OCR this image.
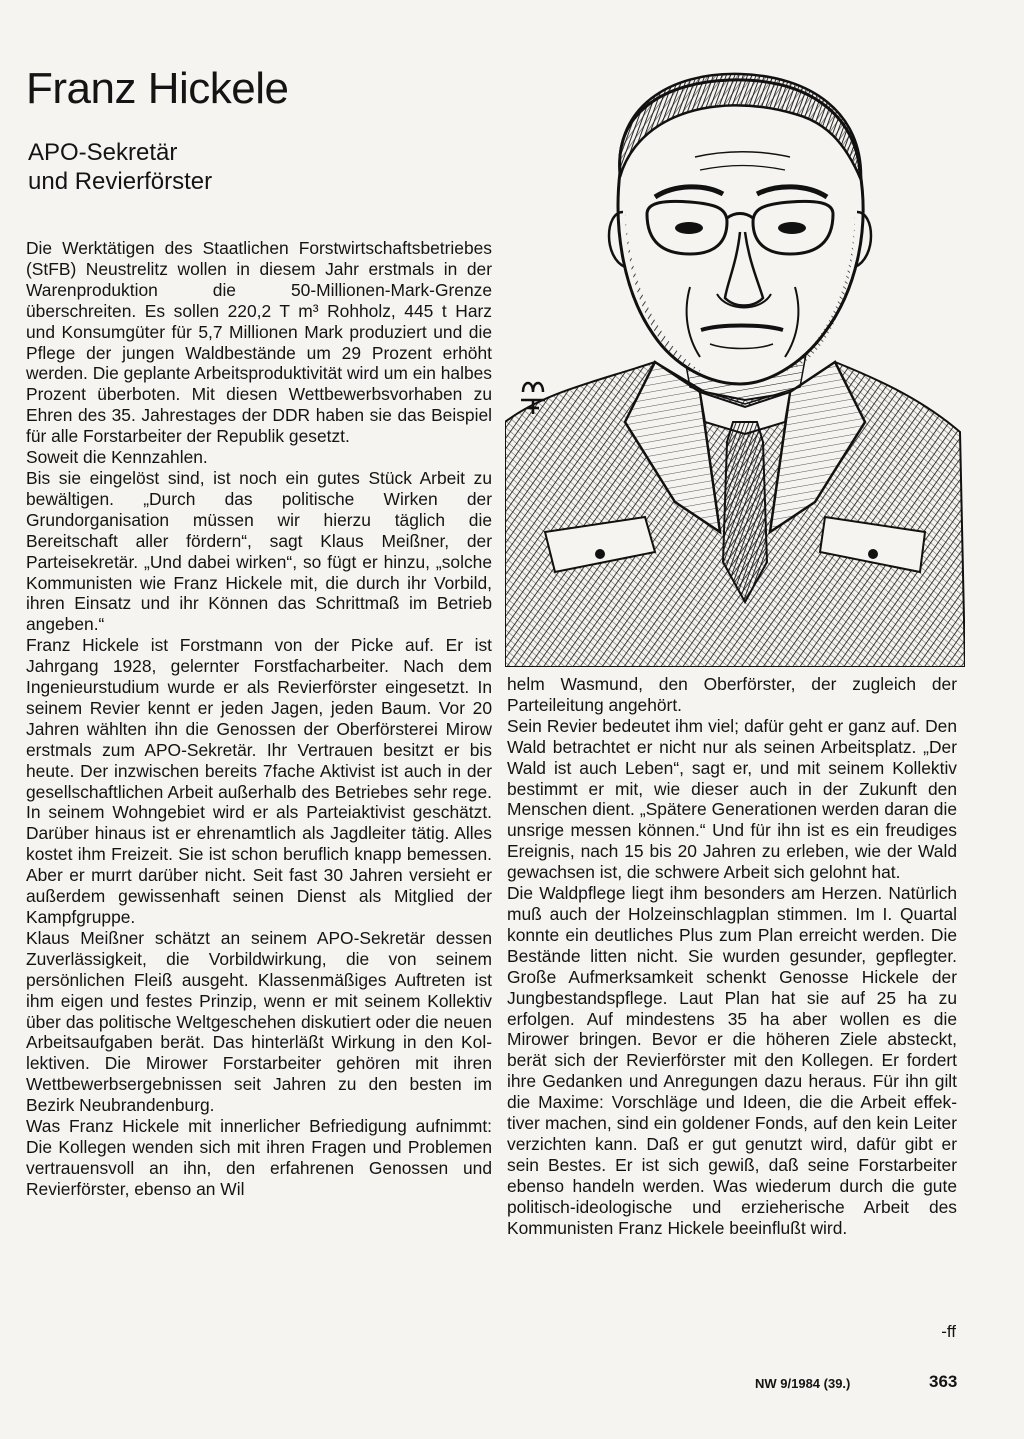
Franz Hickele
APO-Sekretär
und Revierförster

Die Werktätigen des Staatlichen Forstwirtschaftsbetriebes (StFB) Neustrelitz wollen in diesem Jahr erstmals in der Warenproduktion die 50-Millionen-Mark-Grenze überschreiten. Es sollen 220,2 T m³ Rohholz, 445 t Harz und Konsumgüter für 5,7 Millionen Mark produziert und die Pflege der jungen Waldbestände um 29 Prozent erhöht werden. Die geplante Arbeitsproduktivität wird um ein halbes Prozent überboten. Mit diesen Wettbewerbsvorhaben zu Ehren des 35. Jahrestages der DDR haben sie das Beispiel für alle Forstarbeiter der Republik gesetzt.

Soweit die Kennzahlen.

Bis sie eingelöst sind, ist noch ein gutes Stück Arbeit zu bewältigen. „Durch das politische Wirken der Grundorganisation müssen wir hierzu täglich die Bereitschaft aller fördern“, sagt Klaus Meißner, der Parteisekretär. „Und dabei wirken“, so fügt er hinzu, „solche Kommunisten wie Franz Hickele mit, die durch ihr Vorbild, ihren Einsatz und ihr Können das Schrittmaß im Betrieb angeben.“

Franz Hickele ist Forstmann von der Picke auf. Er ist Jahrgang 1928, gelernter Forstfacharbeiter. Nach dem Ingenieurstudium wurde er als Revierförster eingesetzt. In seinem Revier kennt er jeden Jagen, jeden Baum. Vor 20 Jahren wählten ihn die Genossen der Oberförsterei Mirow erstmals zum APO-Sekretär. Ihr Vertrauen besitzt er bis heute. Der inzwischen bereits 7fache Aktivist ist auch in der gesellschaftlichen Arbeit außerhalb des Betriebes sehr rege. In seinem Wohngebiet wird er als Parteiaktivist geschätzt. Darüber hinaus ist er ehrenamtlich als Jagdleiter tätig. Alles kostet ihm Freizeit. Sie ist schon beruflich knapp bemessen. Aber er murrt darüber nicht. Seit fast 30 Jahren versieht er außerdem gewissenhaft seinen Dienst als Mitglied der Kampfgruppe.

Klaus Meißner schätzt an seinem APO-Sekretär dessen Zuverlässigkeit, die Vorbildwirkung, die von seinem persönlichen Fleiß ausgeht. Klassenmäßiges Auftreten ist ihm eigen und festes Prinzip, wenn er mit seinem Kollektiv über das politische Weltgeschehen diskutiert oder die neuen Arbeitsaufgaben berät. Das hinterläßt Wirkung in den Kollektiven. Die Mirower Forstarbeiter gehören mit ihren Wettbewerbsergebnissen seit Jahren zu den besten im Bezirk Neubrandenburg.

Was Franz Hickele mit innerlicher Befriedigung aufnimmt: Die Kollegen wenden sich mit ihren Fragen und Problemen vertrauensvoll an ihn, den erfahrenen Genossen und Revierförster, ebenso an Wil

helm Wasmund, den Oberförster, der zugleich der Parteileitung angehört.

Sein Revier bedeutet ihm viel; dafür geht er ganz auf. Den Wald betrachtet er nicht nur als seinen Arbeitsplatz. „Der Wald ist auch Leben“, sagt er, und mit seinem Kollektiv bestimmt er mit, wie dieser auch in der Zukunft den Menschen dient. „Spätere Generationen werden daran die unsrige messen können.“ Und für ihn ist es ein freudiges Ereignis, nach 15 bis 20 Jahren zu erleben, wie der Wald gewachsen ist, die schwere Arbeit sich gelohnt hat.

Die Waldpflege liegt ihm besonders am Herzen. Natürlich muß auch der Holzeinschlagplan stimmen. Im I. Quartal konnte ein deutliches Plus zum Plan erreicht werden. Die Bestände litten nicht. Sie wurden gesunder, gepflegter. Große Aufmerksamkeit schenkt Genosse Hickele der Jungbestandspflege. Laut Plan hat sie auf 25 ha zu erfolgen. Auf mindestens 35 ha aber wollen es die Mirower bringen. Bevor er die höheren Ziele absteckt, berät sich der Revierförster mit den Kollegen. Er fordert ihre Gedanken und Anregungen dazu heraus. Für ihn gilt die Maxime: Vorschläge und Ideen, die die Arbeit effektiver machen, sind ein goldener Fonds, auf den kein Leiter verzichten kann. Daß er gut genutzt wird, dafür gibt er sein Bestes. Er ist sich gewiß, daß seine Forstarbeiter ebenso handeln werden. Was wiederum durch die gute politisch-ideologische und erzieherische Arbeit des Kommunisten Franz Hickele beeinflußt wird.

-ff

NW 9/1984 (39.)	363
